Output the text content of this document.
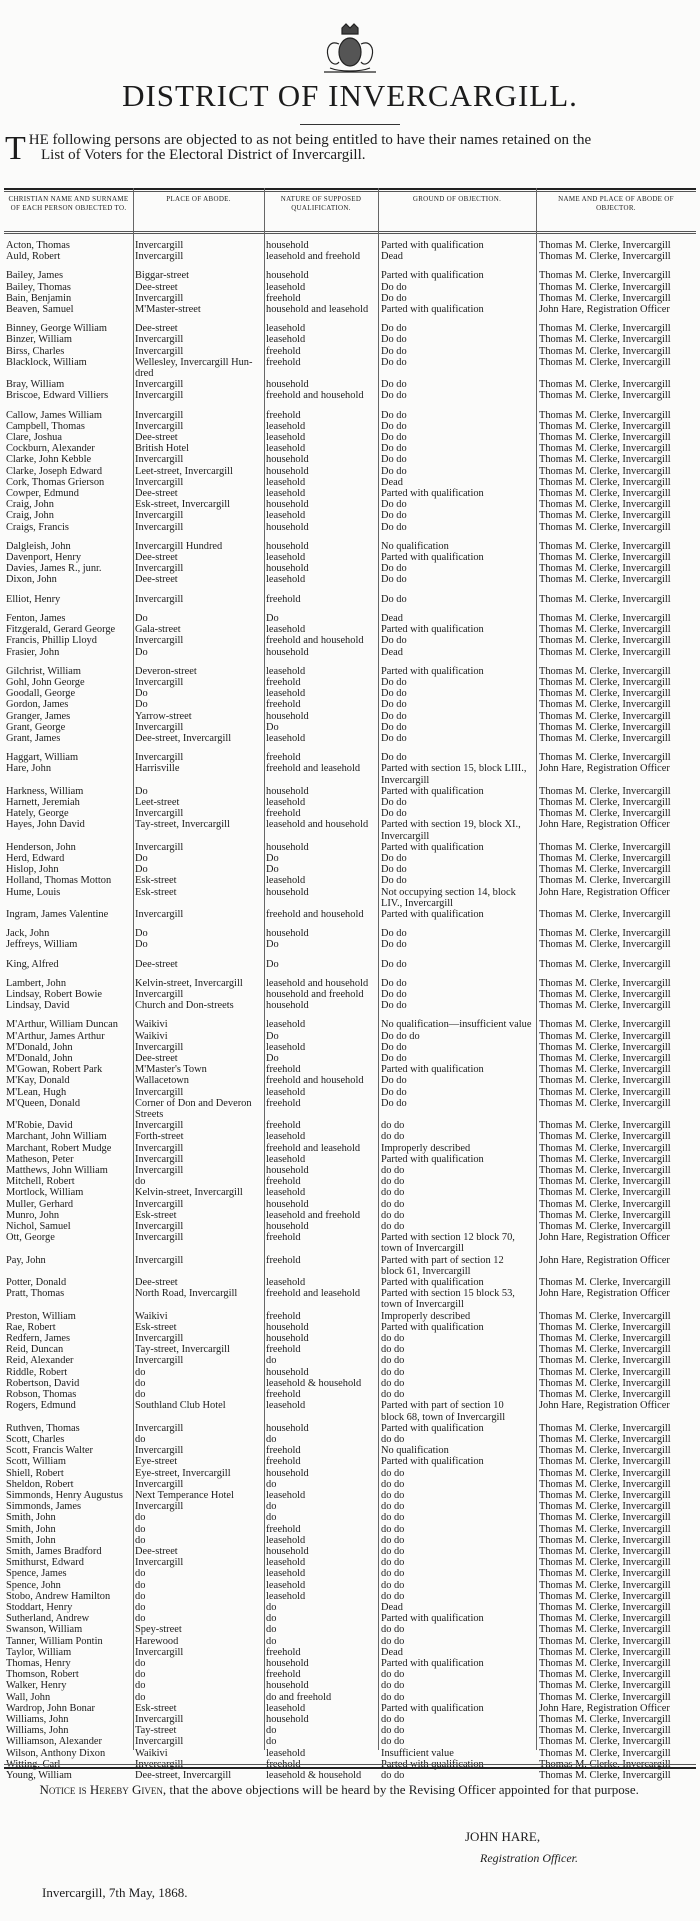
DISTRICT OF INVERCARGILL.
T HE following persons are objected to as not being entitled to have their names retained on the
List of Voters for the Electoral District of Invercargill.
CHRISTIAN NAME AND SURNAME OF EACH PERSON OBJECTED TO.
PLACE OF ABODE.	NATURE OF SUPPOSED QUALIFICATION.
GROUND OF OBJECTION.	NAME AND PLACE OF ABODE OF OBJECTOR.
Acton, Thomas	Invercargill	household	Parted with qualification	Thomas M. Clerke, Invercargill
Auld, Robert	Invercargill	leasehold and freehold	Dead	Thomas M. Clerke, Invercargill
Bailey, James	Biggar-street	household	Parted with qualification	Thomas M. Clerke, Invercargill
Bailey, Thomas	Dee-street	leasehold	Do do	Thomas M. Clerke, Invercargill
Bain, Benjamin	Invercargill	freehold	Do do	Thomas M. Clerke, Invercargill
Beaven, Samuel	M'Master-street	household and leasehold	Parted with qualification	John Hare, Registration Officer
Binney, George William	Dee-street	leasehold	Do do	Thomas M. Clerke, Invercargill
Binzer, William	Invercargill	leasehold	Do do	Thomas M. Clerke, Invercargill
Birss, Charles	Invercargill	freehold	Do do	Thomas M. Clerke, Invercargill
Blacklock, William	Wellesley, Invercargill Hun-	freehold	Do do	Thomas M. Clerke, Invercargill
dred
Bray, William	Invercargill	household	Do do	Thomas M. Clerke, Invercargill
Briscoe, Edward Villiers	Invercargill	freehold and household	Do do	Thomas M. Clerke, Invercargill
Callow, James William	Invercargill	freehold	Do do	Thomas M. Clerke, Invercargill
Campbell, Thomas	Invercargill	leasehold	Do do	Thomas M. Clerke, Invercargill
Clare, Joshua	Dee-street	leasehold	Do do	Thomas M. Clerke, Invercargill
Cockburn, Alexander	British Hotel	leasehold	Do do	Thomas M. Clerke, Invercargill
Clarke, John Kebble	Invercargill	household	Do do	Thomas M. Clerke, Invercargill
Clarke, Joseph Edward	Leet-street, Invercargill	household	Do do	Thomas M. Clerke, Invercargill
Cork, Thomas Grierson	Invercargill	leasehold	Dead	Thomas M. Clerke, Invercargill
Cowper, Edmund	Dee-street	leasehold	Parted with qualification	Thomas M. Clerke, Invercargill
Craig, John	Esk-street, Invercargill	household	Do do	Thomas M. Clerke, Invercargill
Craig, John	Invercargill	leasehold	Do do	Thomas M. Clerke, Invercargill
Craigs, Francis	Invercargill	household	Do do	Thomas M. Clerke, Invercargill
Dalgleish, John	Invercargill Hundred	household	No qualification	Thomas M. Clerke, Invercargill
Davenport, Henry	Dee-street	leasehold	Parted with qualification	Thomas M. Clerke, Invercargill
Davies, James R., junr.	Invercargill	household	Do do	Thomas M. Clerke, Invercargill
Dixon, John	Dee-street	leasehold	Do do	Thomas M. Clerke, Invercargill
Elliot, Henry	Invercargill	freehold	Do do	Thomas M. Clerke, Invercargill
Fenton, James	Do	Do	Dead	Thomas M. Clerke, Invercargill
Fitzgerald, Gerard George	Gala-street	leasehold	Parted with qualification	Thomas M. Clerke, Invercargill
Francis, Phillip Lloyd	Invercargill	freehold and household	Do do	Thomas M. Clerke, Invercargill
Frasier, John	Do	household	Dead	Thomas M. Clerke, Invercargill
Gilchrist, William	Deveron-street	leasehold	Parted with qualification	Thomas M. Clerke, Invercargill
Gohl, John George	Invercargill	freehold	Do do	Thomas M. Clerke, Invercargill
Goodall, George	Do	leasehold	Do do	Thomas M. Clerke, Invercargill
Gordon, James	Do	freehold	Do do	Thomas M. Clerke, Invercargill
Granger, James	Yarrow-street	household	Do do	Thomas M. Clerke, Invercargill
Grant, George	Invercargill	Do	Do do	Thomas M. Clerke, Invercargill
Grant, James	Dee-street, Invercargill	leasehold	Do do	Thomas M. Clerke, Invercargill
Haggart, William	Invercargill	freehold	Do do	Thomas M. Clerke, Invercargill
Hare, John	Harrisville	freehold and leasehold	Parted with section 15, block LIII.,	John Hare, Registration Officer
Invercargill
Harkness, William	Do	household	Parted with qualification	Thomas M. Clerke, Invercargill
Harnett, Jeremiah	Leet-street	leasehold	Do do	Thomas M. Clerke, Invercargill
Hately, George	Invercargill	freehold	Do do	Thomas M. Clerke, Invercargill
Hayes, John David	Tay-street, Invercargill	leasehold and household	Parted with section 19, block XI.,	John Hare, Registration Officer
Invercargill
Henderson, John	Invercargill	household	Parted with qualification	Thomas M. Clerke, Invercargill
Herd, Edward	Do	Do	Do do	Thomas M. Clerke, Invercargill
Hislop, John	Do	Do	Do do	Thomas M. Clerke, Invercargill
Holland, Thomas Motton	Esk-street	leasehold	Do do	Thomas M. Clerke, Invercargill
Hume, Louis	Esk-street	household	Not occupying section 14, block	John Hare, Registration Officer
LIV., Invercargill
Ingram, James Valentine	Invercargill	freehold and household	Parted with qualification	Thomas M. Clerke, Invercargill
Jack, John	Do	household	Do do	Thomas M. Clerke, Invercargill
Jeffreys, William	Do	Do	Do do	Thomas M. Clerke, Invercargill
King, Alfred	Dee-street	Do	Do do	Thomas M. Clerke, Invercargill
Lambert, John	Kelvin-street, Invercargill	leasehold and household	Do do	Thomas M. Clerke, Invercargill
Lindsay, Robert Bowie	Invercargill	household and freehold	Do do	Thomas M. Clerke, Invercargill
Lindsay, David	Church and Don-streets	household	Do do	Thomas M. Clerke, Invercargill
M'Arthur, William Duncan	Waikivi	leasehold	No qualification—insufficient value Thomas M. Clerke, Invercargill
M'Arthur, James Arthur	Waikivi	Do	Do do do	Thomas M. Clerke, Invercargill
M'Donald, John	Invercargill	leasehold	Do do	Thomas M. Clerke, Invercargill
M'Donald, John	Dee-street	Do	Do do	Thomas M. Clerke, Invercargill
M'Gowan, Robert Park	M'Master's Town	freehold	Parted with qualification	Thomas M. Clerke, Invercargill
M'Kay, Donald	Wallacetown	freehold and household	Do do	Thomas M. Clerke, Invercargill
M'Lean, Hugh	Invercargill	leasehold	Do do	Thomas M. Clerke, Invercargill
M'Queen, Donald	Corner of Don and Deveron	freehold	Do do	Thomas M. Clerke, Invercargill
Streets
M'Robie, David	Invercargill	freehold	do do	Thomas M. Clerke, Invercargill
Marchant, John William	Forth-street	leasehold	do do	Thomas M. Clerke, Invercargill
Marchant, Robert Mudge	Invercargill	freehold and leasehold	Improperly described	Thomas M. Clerke, Invercargill
Matheson, Peter	Invercargill	leasehold	Parted with qualification	Thomas M. Clerke, Invercargill
Matthews, John William	Invercargill	household	do do	Thomas M. Clerke, Invercargill
Mitchell, Robert	do	freehold	do do	Thomas M. Clerke, Invercargill
Mortlock, William	Kelvin-street, Invercargill	leasehold	do do	Thomas M. Clerke, Invercargill
Muller, Gerhard	Invercargill	household	do do	Thomas M. Clerke, Invercargill
Munro, John	Esk-street	leasehold and freehold	do do	Thomas M. Clerke, Invercargill
Nichol, Samuel	Invercargill	household	do do	Thomas M. Clerke, Invercargill
Ott, George	Invercargill	freehold	Parted with section 12 block 70,	John Hare, Registration Officer
town of Invercargill
Pay, John	Invercargill	freehold	Parted with part of section 12	John Hare, Registration Officer
block 61, Invercargill
Potter, Donald	Dee-street	leasehold	Parted with qualification	Thomas M. Clerke, Invercargill
Pratt, Thomas	North Road, Invercargill	freehold and leasehold	Parted with section 15 block 53,	John Hare, Registration Officer
town of Invercargill
Preston, William	Waikivi	freehold	Improperly described	Thomas M. Clerke, Invercargill
Rae, Robert	Esk-street	household	Parted with qualification	Thomas M. Clerke, Invercargill
Redfern, James	Invercargill	household	do do	Thomas M. Clerke, Invercargill
Reid, Duncan	Tay-street, Invercargill	freehold	do do	Thomas M. Clerke, Invercargill
Reid, Alexander	Invercargill	do	do do	Thomas M. Clerke, Invercargill
Riddle, Robert	do	household	do do	Thomas M. Clerke, Invercargill
Robertson, David	do	leasehold & household	do do	Thomas M. Clerke, Invercargill
Robson, Thomas	do	freehold	do do	Thomas M. Clerke, Invercargill
Rogers, Edmund	Southland Club Hotel	leasehold	Parted with part of section 10	John Hare, Registration Officer
block 68, town of Invercargill
Ruthven, Thomas	Invercargill	household	Parted with qualification	Thomas M. Clerke, Invercargill
Scott, Charles	do	do	do do	Thomas M. Clerke, Invercargill
Scott, Francis Walter	Invercargill	freehold	No qualification	Thomas M. Clerke, Invercargill
Scott, William	Eye-street	freehold	Parted with qualification	Thomas M. Clerke, Invercargill
Shiell, Robert	Eye-street, Invercargill	household	do do	Thomas M. Clerke, Invercargill
Sheldon, Robert	Invercargill	do	do do	Thomas M. Clerke, Invercargill
Simmonds, Henry Augustus	Next Temperance Hotel	leasehold	do do	Thomas M. Clerke, Invercargill
Simmonds, James	Invercargill	do	do do	Thomas M. Clerke, Invercargill
Smith, John	do	do	do do	Thomas M. Clerke, Invercargill
Smith, John	do	freehold	do do	Thomas M. Clerke, Invercargill
Smith, John	do	leasehold	do do	Thomas M. Clerke, Invercargill
Smith, James Bradford	Dee-street	household	do do	Thomas M. Clerke, Invercargill
Smithurst, Edward	Invercargill	leasehold	do do	Thomas M. Clerke, Invercargill
Spence, James	do	leasehold	do do	Thomas M. Clerke, Invercargill
Spence, John	do	leasehold	do do	Thomas M. Clerke, Invercargill
Stobo, Andrew Hamilton	do	leasehold	do do	Thomas M. Clerke, Invercargill
Stoddart, Henry	do	do	Dead	Thomas M. Clerke, Invercargill
Sutherland, Andrew	do	do	Parted with qualification	Thomas M. Clerke, Invercargill
Swanson, William	Spey-street	do	do do	Thomas M. Clerke, Invercargill
Tanner, William Pontin	Harewood	do	do do	Thomas M. Clerke, Invercargill
Taylor, William	Invercargill	freehold	Dead	Thomas M. Clerke, Invercargill
Thomas, Henry	do	household	Parted with qualification	Thomas M. Clerke, Invercargill
Thomson, Robert	do	freehold	do do	Thomas M. Clerke, Invercargill
Walker, Henry	do	household	do do	Thomas M. Clerke, Invercargill
Wall, John	do	do and freehold	do do	Thomas M. Clerke, Invercargill
Wardrop, John Bonar	Esk-street	leasehold	Parted with qualification	John Hare, Registration Officer
Williams, John	Invercargill	household	do do	Thomas M. Clerke, Invercargill
Williams, John	Tay-street	do	do do	Thomas M. Clerke, Invercargill
Williamson, Alexander	Invercargill	do	do do	Thomas M. Clerke, Invercargill
Wilson, Anthony Dixon	Waikivi	leasehold	Insufficient value	Thomas M. Clerke, Invercargill
Witting, Carl	Invercargill	freehold	Parted with qualification	Thomas M. Clerke, Invercargill
Young, William	Dee-street, Invercargill	leasehold & household	do do	Thomas M. Clerke, Invercargill
Notice is Hereby Given, that the above objections will be heard by the Revising Officer appointed for that purpose.
JOHN HARE,
Registration Officer.
Invercargill, 7th May, 1868.
